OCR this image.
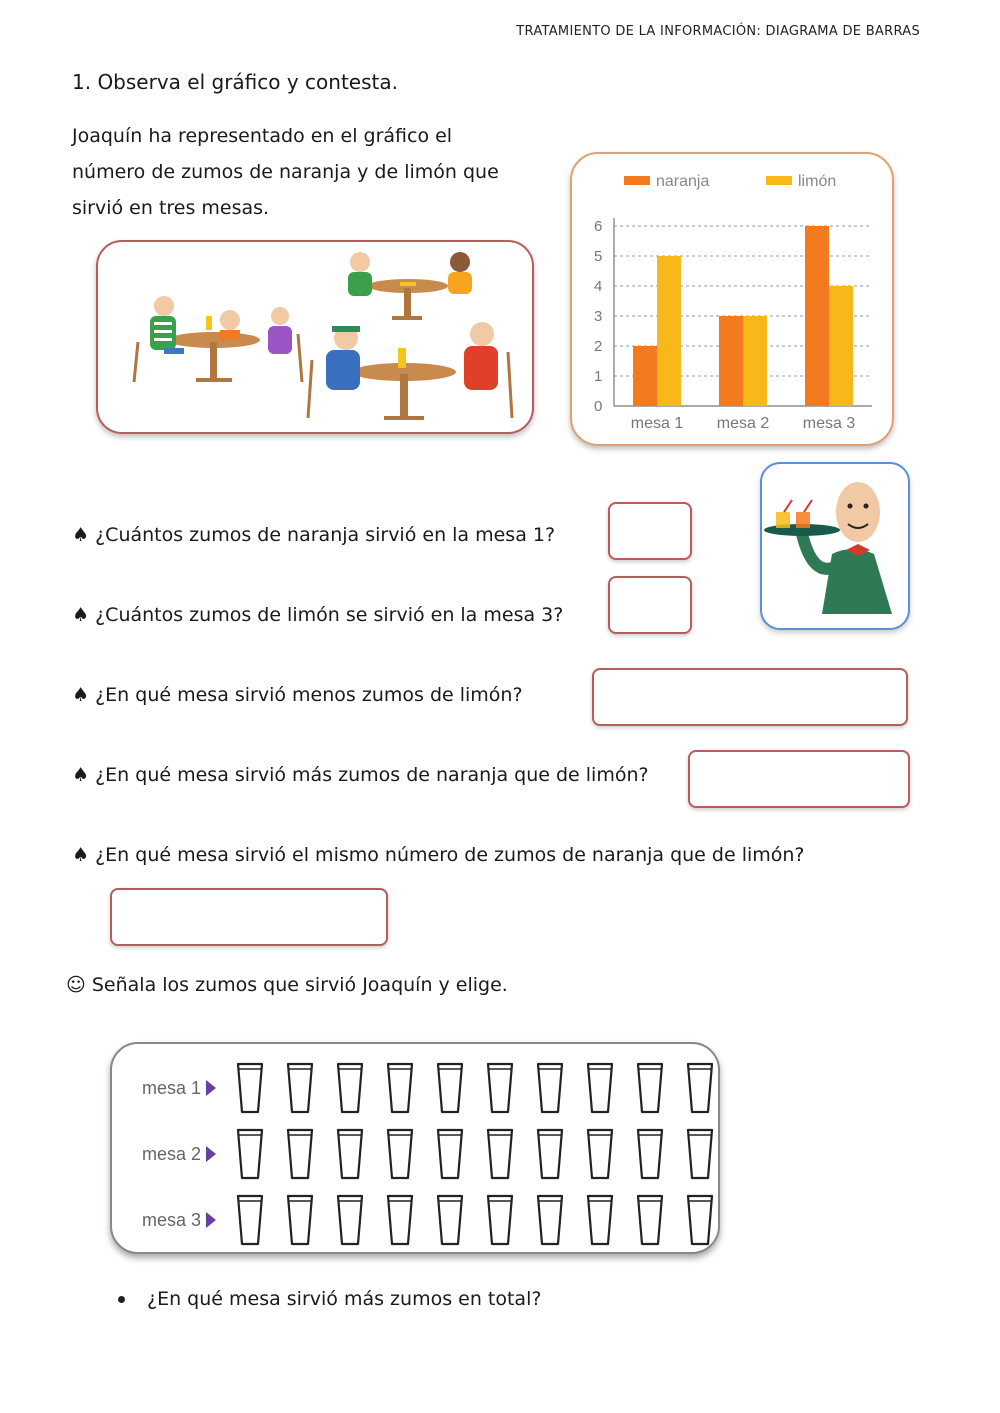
TRATAMIENTO DE LA INFORMACIÓN: DIAGRAMA DE BARRAS
1. Observa el gráfico y contesta.
Joaquín ha representado en el gráfico el
número de zumos de naranja y de limón que
sirvió en tres mesas.
naranja	limón
0
1
2
3
4
5
6
mesa 1 mesa 2 mesa 3
♠ ¿Cuántos zumos de naranja sirvió en la mesa 1?
♠ ¿Cuántos zumos de limón se sirvió en la mesa 3?
♠ ¿En qué mesa sirvió menos zumos de limón?
♠ ¿En qué mesa sirvió más zumos de naranja que de limón?
♠ ¿En qué mesa sirvió el mismo número de zumos de naranja que de limón?
☺ Señala los zumos que sirvió Joaquín y elige.
mesa 1
mesa 2
mesa 3
¿En qué mesa sirvió más zumos en total?
